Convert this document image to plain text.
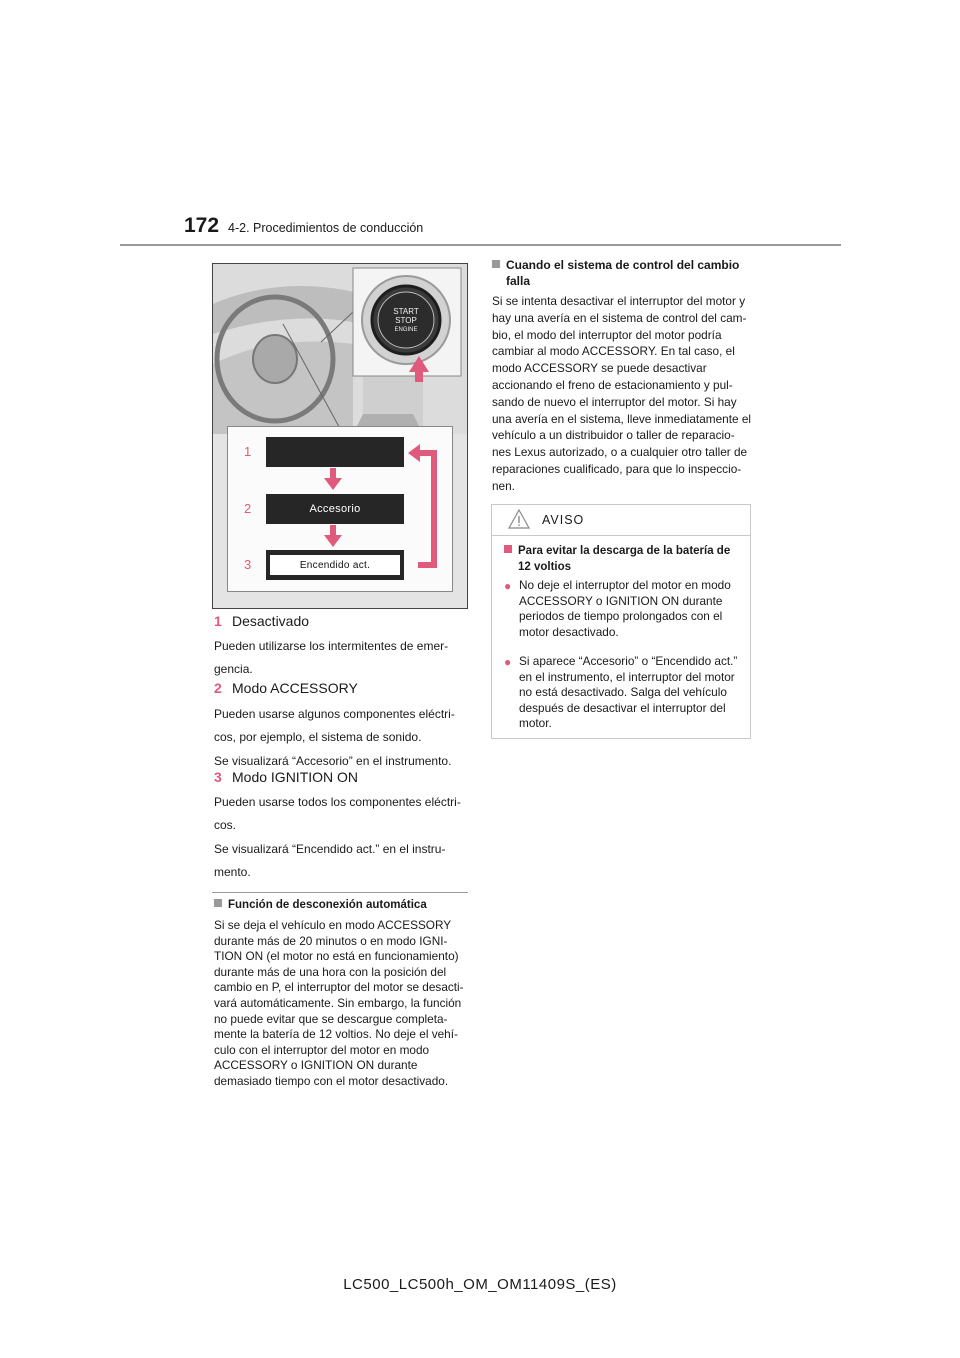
172 4-2. Procedimientos de conducción
START
STOP
ENGINE
1
2
3
Accesorio
Encendido act.
1 Desactivado
Pueden utilizarse los intermitentes de emer-
gencia.
2 Modo ACCESSORY
Pueden usarse algunos componentes eléctri-
cos, por ejemplo, el sistema de sonido.
Se visualizará “Accesorio” en el instrumento.
3 Modo IGNITION ON
Pueden usarse todos los componentes eléctri-
cos.
Se visualizará “Encendido act.” en el instru-
mento.
Función de desconexión automática
Si se deja el vehículo en modo ACCESSORY
durante más de 20 minutos o en modo IGNI-
TION ON (el motor no está en funcionamiento)
durante más de una hora con la posición del
cambio en P, el interruptor del motor se desacti-
vará automáticamente. Sin embargo, la función
no puede evitar que se descargue completa-
mente la batería de 12 voltios. No deje el vehí-
culo con el interruptor del motor en modo
ACCESSORY o IGNITION ON durante
demasiado tiempo con el motor desactivado.
Cuando el sistema de control del cambio
falla
Si se intenta desactivar el interruptor del motor y
hay una avería en el sistema de control del cam-
bio, el modo del interruptor del motor podría
cambiar al modo ACCESSORY. En tal caso, el
modo ACCESSORY se puede desactivar
accionando el freno de estacionamiento y pul-
sando de nuevo el interruptor del motor. Si hay
una avería en el sistema, lleve inmediatamente el
vehículo a un distribuidor o taller de reparacio-
nes Lexus autorizado, o a cualquier otro taller de
reparaciones cualificado, para que lo inspeccio-
nen.
AVISO
Para evitar la descarga de la batería de
12 voltios
● No deje el interruptor del motor en modo
ACCESSORY o IGNITION ON durante
periodos de tiempo prolongados con el
motor desactivado.
● Si aparece “Accesorio” o “Encendido act.”
en el instrumento, el interruptor del motor
no está desactivado. Salga del vehículo
después de desactivar el interruptor del
motor.
LC500_LC500h_OM_OM11409S_(ES)
